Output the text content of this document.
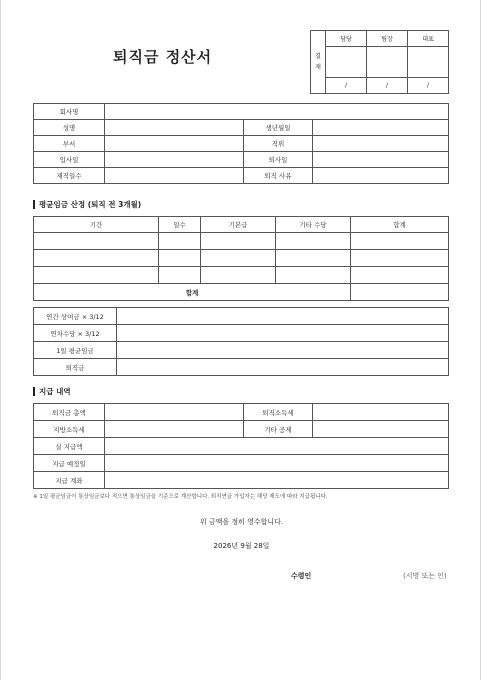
퇴직금 정산서	결
재	담당	팀장	대표

	/	/	/
회사명			
성명		생년월일	
부서		직위	
입사일		퇴사일	
재직일수		퇴직 사유	
평균임금 산정 (퇴직 전 3개월)
기간	일수	기본급	기타 수당	합계

합계				
연간 상여금 × 3/12	
연차수당 × 3/12	
1일 평균임금	
퇴직금	
지급 내역
퇴직금 총액		퇴직소득세	
지방소득세		기타 공제	
실 지급액			
지급 예정일			
지급 계좌			
※ 1일 평균임금이 통상임금보다 적으면 통상임금을 기준으로 계산합니다. 퇴직연금 가입자는 해당 제도에 따라 지급됩니다.
위 금액을 정히 영수합니다.
2026년 9월 28일
수령인	(서명 또는 인)
